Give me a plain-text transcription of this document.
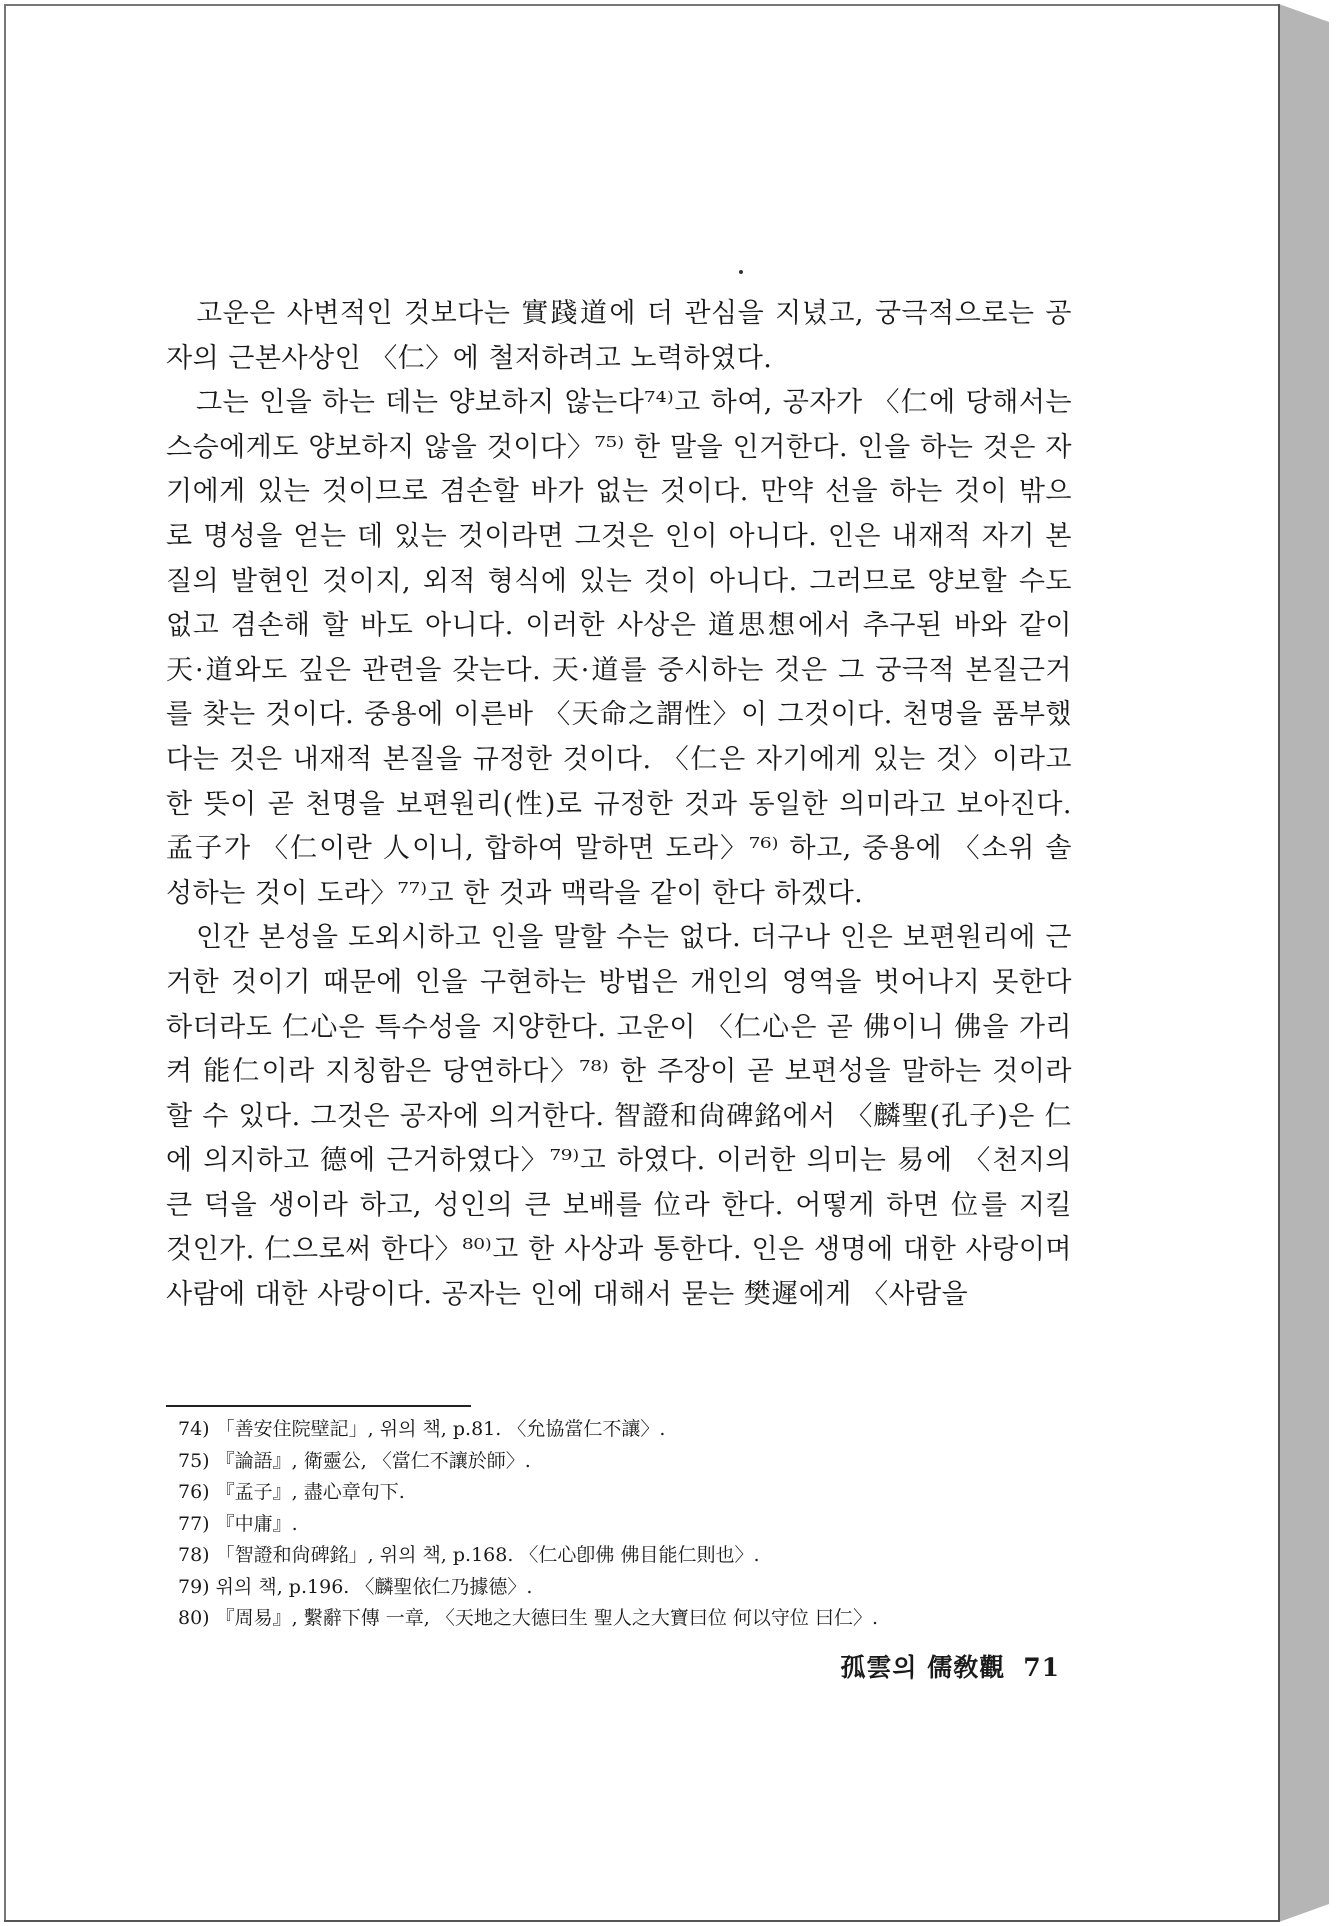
고운은 사변적인 것보다는 實踐道에 더 관심을 지녔고, 궁극적으로는 공자의 근본사상인 〈仁〉에 철저하려고 노력하였다.

그는 인을 하는 데는 양보하지 않는다⁷⁴⁾고 하여, 공자가 〈仁에 당해서는 스승에게도 양보하지 않을 것이다〉⁷⁵⁾ 한 말을 인거한다. 인을 하는 것은 자기에게 있는 것이므로 겸손할 바가 없는 것이다. 만약 선을 하는 것이 밖으로 명성을 얻는 데 있는 것이라면 그것은 인이 아니다. 인은 내재적 자기 본질의 발현인 것이지, 외적 형식에 있는 것이 아니다. 그러므로 양보할 수도 없고 겸손해 할 바도 아니다. 이러한 사상은 道思想에서 추구된 바와 같이 天·道와도 깊은 관련을 갖는다. 天·道를 중시하는 것은 그 궁극적 본질근거를 찾는 것이다. 중용에 이른바 〈天命之謂性〉이 그것이다. 천명을 품부했다는 것은 내재적 본질을 규정한 것이다. 〈仁은 자기에게 있는 것〉이라고 한 뜻이 곧 천명을 보편원리(性)로 규정한 것과 동일한 의미라고 보아진다. 孟子가 〈仁이란 人이니, 합하여 말하면 도라〉⁷⁶⁾ 하고, 중용에 〈소위 솔성하는 것이 도라〉⁷⁷⁾고 한 것과 맥락을 같이 한다 하겠다.

인간 본성을 도외시하고 인을 말할 수는 없다. 더구나 인은 보편원리에 근거한 것이기 때문에 인을 구현하는 방법은 개인의 영역을 벗어나지 못한다 하더라도 仁心은 특수성을 지양한다. 고운이 〈仁心은 곧 佛이니 佛을 가리켜 能仁이라 지칭함은 당연하다〉⁷⁸⁾ 한 주장이 곧 보편성을 말하는 것이라 할 수 있다. 그것은 공자에 의거한다. 智證和尙碑銘에서 〈麟聖(孔子)은 仁에 의지하고 德에 근거하였다〉⁷⁹⁾고 하였다. 이러한 의미는 易에 〈천지의 큰 덕을 생이라 하고, 성인의 큰 보배를 位라 한다. 어떻게 하면 位를 지킬 것인가. 仁으로써 한다〉⁸⁰⁾고 한 사상과 통한다. 인은 생명에 대한 사랑이며 사람에 대한 사랑이다. 공자는 인에 대해서 묻는 樊遲에게 〈사람을

74) 「善安住院壁記」, 위의 책, p.81. 〈允協當仁不讓〉.
75) 『論語』, 衛靈公, 〈當仁不讓於師〉.
76) 『孟子』, 盡心章句下.
77) 『中庸』.
78) 「智證和尙碑銘」, 위의 책, p.168. 〈仁心卽佛 佛目能仁則也〉.
79) 위의 책, p.196. 〈麟聖依仁乃據德〉.
80) 『周易』, 繫辭下傳 一章, 〈天地之大德曰生 聖人之大寶曰位 何以守位 曰仁〉.
孤雲의 儒敎觀 71
